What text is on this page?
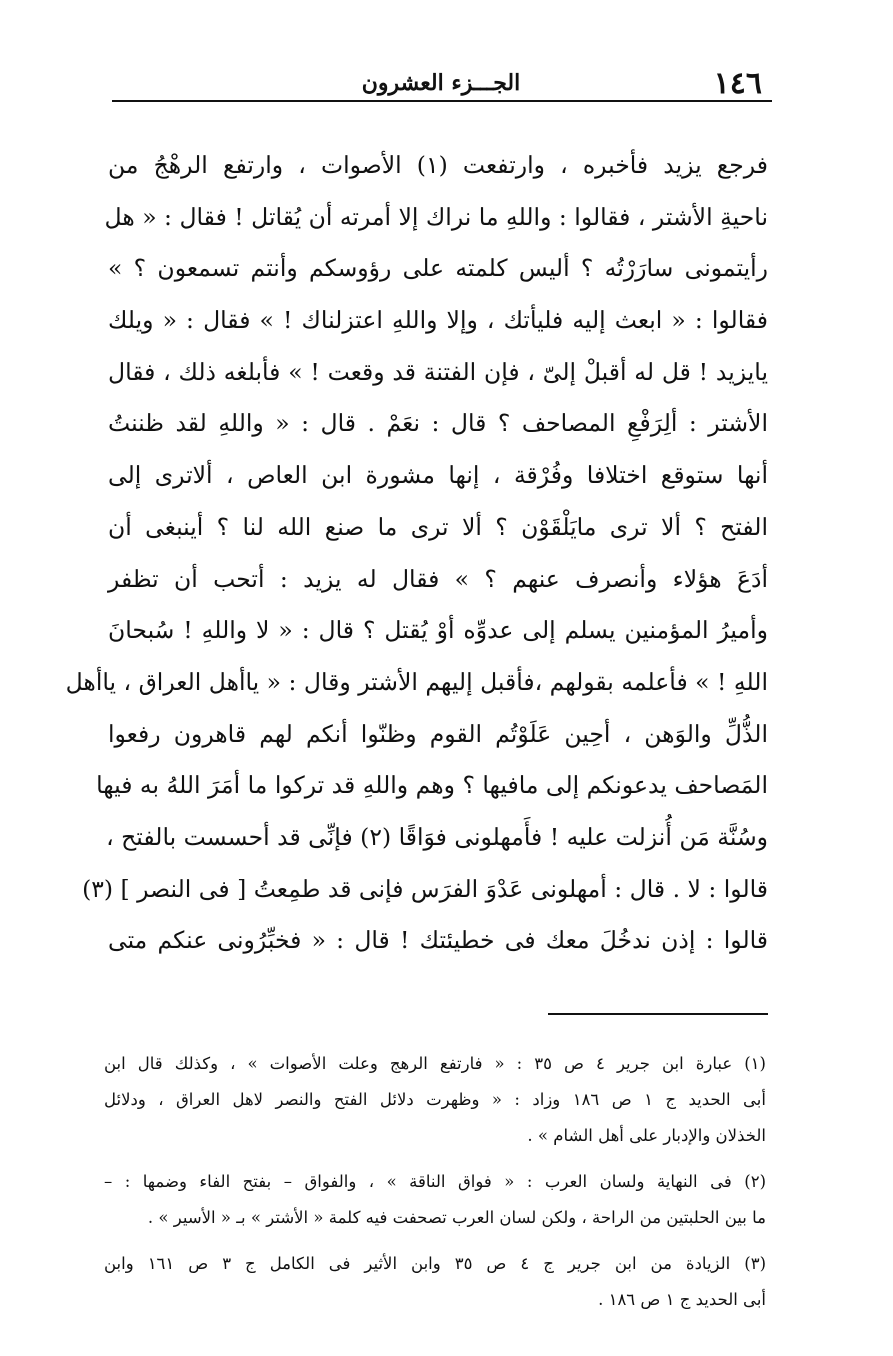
١٤٦
الجـــزء العشرون
فرجع يزيد فأخبره ، وارتفعت (١) الأصوات ، وارتفع الرهْجُ من
ناحيةِ الأشتر ، فقالوا : واللهِ ما نراك إلا أمرته أن يُقاتل ! فقال : « هل
رأيتمونى سارَرْتُه ؟ أليس كلمته على رؤوسكم وأنتم تسمعون ؟ »
فقالوا : « ابعث إليه فليأتك ، وإلا واللهِ اعتزلناك ! » فقال : « ويلك
يايزيد ! قل له أقبلْ إلىّ ، فإن الفتنة قد وقعت ! » فأبلغه ذلك ، فقال
الأشتر : ألِرَفْعِ المصاحف ؟ قال : نعَمْ . قال : « واللهِ لقد ظننتُ
أنها ستوقع اختلافا وفُرْقة ، إنها مشورة ابن العاص ، ألاترى إلى
الفتح ؟ ألا ترى مايَلْقَوْن ؟ ألا ترى ما صنع الله لنا ؟ أينبغى أن
أدَعَ هؤلاء وأنصرف عنهم ؟ » فقال له يزيد : أتحب أن تظفر
وأميرُ المؤمنين يسلم إلى عدوِّه أوْ يُقتل ؟ قال : « لا واللهِ ! سُبحانَ
اللهِ ! » فأعلمه بقولهم ،فأقبل إليهم الأشتر وقال : « ياأهل العراق ، ياأهل
الذُّلِّ والوَهن ، أحِين عَلَوْتُم القوم وظنّوا أنكم لهم قاهرون رفعوا
المَصاحف يدعونكم إلى مافيها ؟ وهم واللهِ قد تركوا ما أمَرَ اللهُ به فيها
وسُنَّة مَن أُنزلت عليه ! فأَمهلونى فوَاقًا (٢) فإنِّى قد أحسست بالفتح ،
قالوا : لا . قال : أمهلونى عَدْوَ الفرَس فإنى قد طمِعتُ [ فى النصر ] (٣)
قالوا : إذن ندخُلَ معك فى خطيئتك ! قال : « فخبِّرُونى عنكم متى
(١) عبارة ابن جرير ٤ ص ٣٥ : « فارتفع الرهج وعلت الأصوات » ، وكذلك قال ابن
أبى الحديد ج ١ ص ١٨٦ وزاد : « وظهرت دلائل الفتح والنصر لاهل العراق ، ودلائل
الخذلان والإدبار على أهل الشام » .
(٢) فى النهاية ولسان العرب : « فواق الناقة » ، والفواق – بفتح الفاء وضمها : –
ما بين الحلبتين من الراحة ، ولكن لسان العرب تصحفت فيه كلمة « الأشتر » بـ « الأسير » .
(٣) الزيادة من ابن جرير ج ٤ ص ٣٥ وابن الأثير فى الكامل ج ٣ ص ١٦١ وابن
أبى الحديد ج ١ ص ١٨٦ .
